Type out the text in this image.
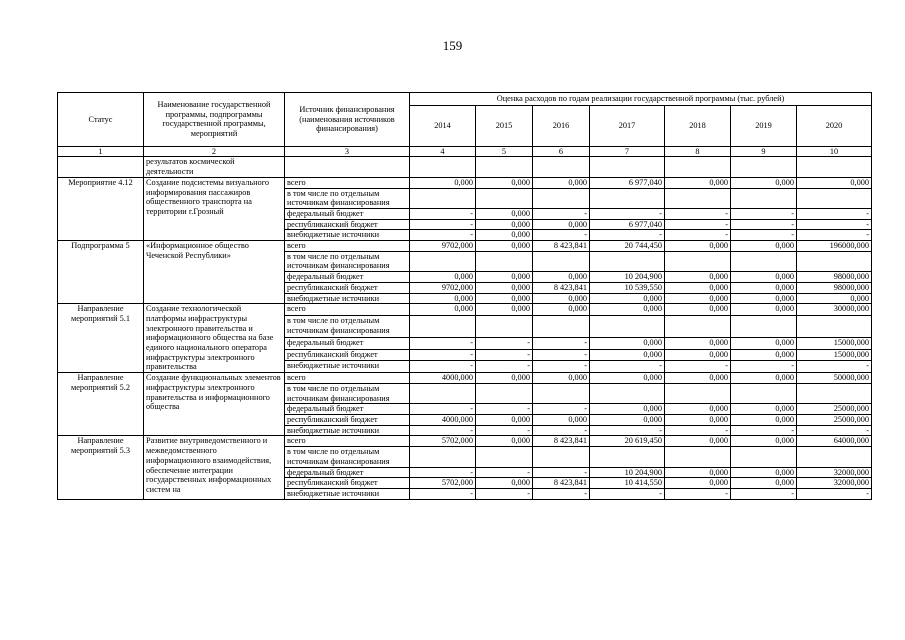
159
Статус	Наименование государственной программы, подпрограммы государственной программы, мероприятий	Источник финансирования (наименования источников финансирования)	Оценка расходов по годам реализации государственной программы (тыс. рублей)						
			2014	2015	2016	2017	2018	2019	2020
1	2	3	4	5	6	7	8	9	10
	результатов космической деятельности								
Мероприятие 4.12	Создание подсистемы визуального информирования пассажиров общественного транспорта на территории г.Грозный	всего	0,000	0,000	0,000	6 977,040	0,000	0,000	0,000
		в том числе по отдельным источникам финансирования							
		федеральный бюджет	-	0,000	-	-	-	-	-
		республиканский бюджет	-	0,000	0,000	6 977,040	-	-	-
		внебюджетные источники	-	0,000	-	-	-	-	-
Подпрограмма 5	«Информационное общество Чеченской Республики»	всего	9702,000	0,000	8 423,841	20 744,450	0,000	0,000	196000,000
		в том числе по отдельным источникам финансирования							
		федеральный бюджет	0,000	0,000	0,000	10 204,900	0,000	0,000	98000,000
		республиканский бюджет	9702,000	0,000	8 423,841	10 539,550	0,000	0,000	98000,000
		внебюджетные источники	0,000	0,000	0,000	0,000	0,000	0,000	0,000
Направление мероприятий 5.1	Создание технологической платформы инфраструктуры электронного правительства и информационного общества на базе единого национального оператора инфраструктуры электронного правительства	всего	0,000	0,000	0,000	0,000	0,000	0,000	30000,000
		в том числе по отдельным источникам финансирования							
		федеральный бюджет	-	-	-	0,000	0,000	0,000	15000,000
		республиканский бюджет	-	-	-	0,000	0,000	0,000	15000,000
		внебюджетные источники	-	-	-	-	-	-	-
Направление мероприятий 5.2	Создание функциональных элементов инфраструктуры электронного правительства и информационного общества	всего	4000,000	0,000	0,000	0,000	0,000	0,000	50000,000
		в том числе по отдельным источникам финансирования							
		федеральный бюджет	-	-	-	0,000	0,000	0,000	25000,000
		республиканский бюджет	4000,000	0,000	0,000	0,000	0,000	0,000	25000,000
		внебюджетные источники	-	-	-	-	-	-	-
Направление мероприятий 5.3	Развитие внутриведомственного и межведомственного информационного взаимодействия, обеспечение интеграции государственных информационных систем на	всего	5702,000	0,000	8 423,841	20 619,450	0,000	0,000	64000,000
		в том числе по отдельным источникам финансирования							
		федеральный бюджет	-	-	-	10 204,900	0,000	0,000	32000,000
		республиканский бюджет	5702,000	0,000	8 423,841	10 414,550	0,000	0,000	32000,000
		внебюджетные источники	-	-	-	-	-	-	-
